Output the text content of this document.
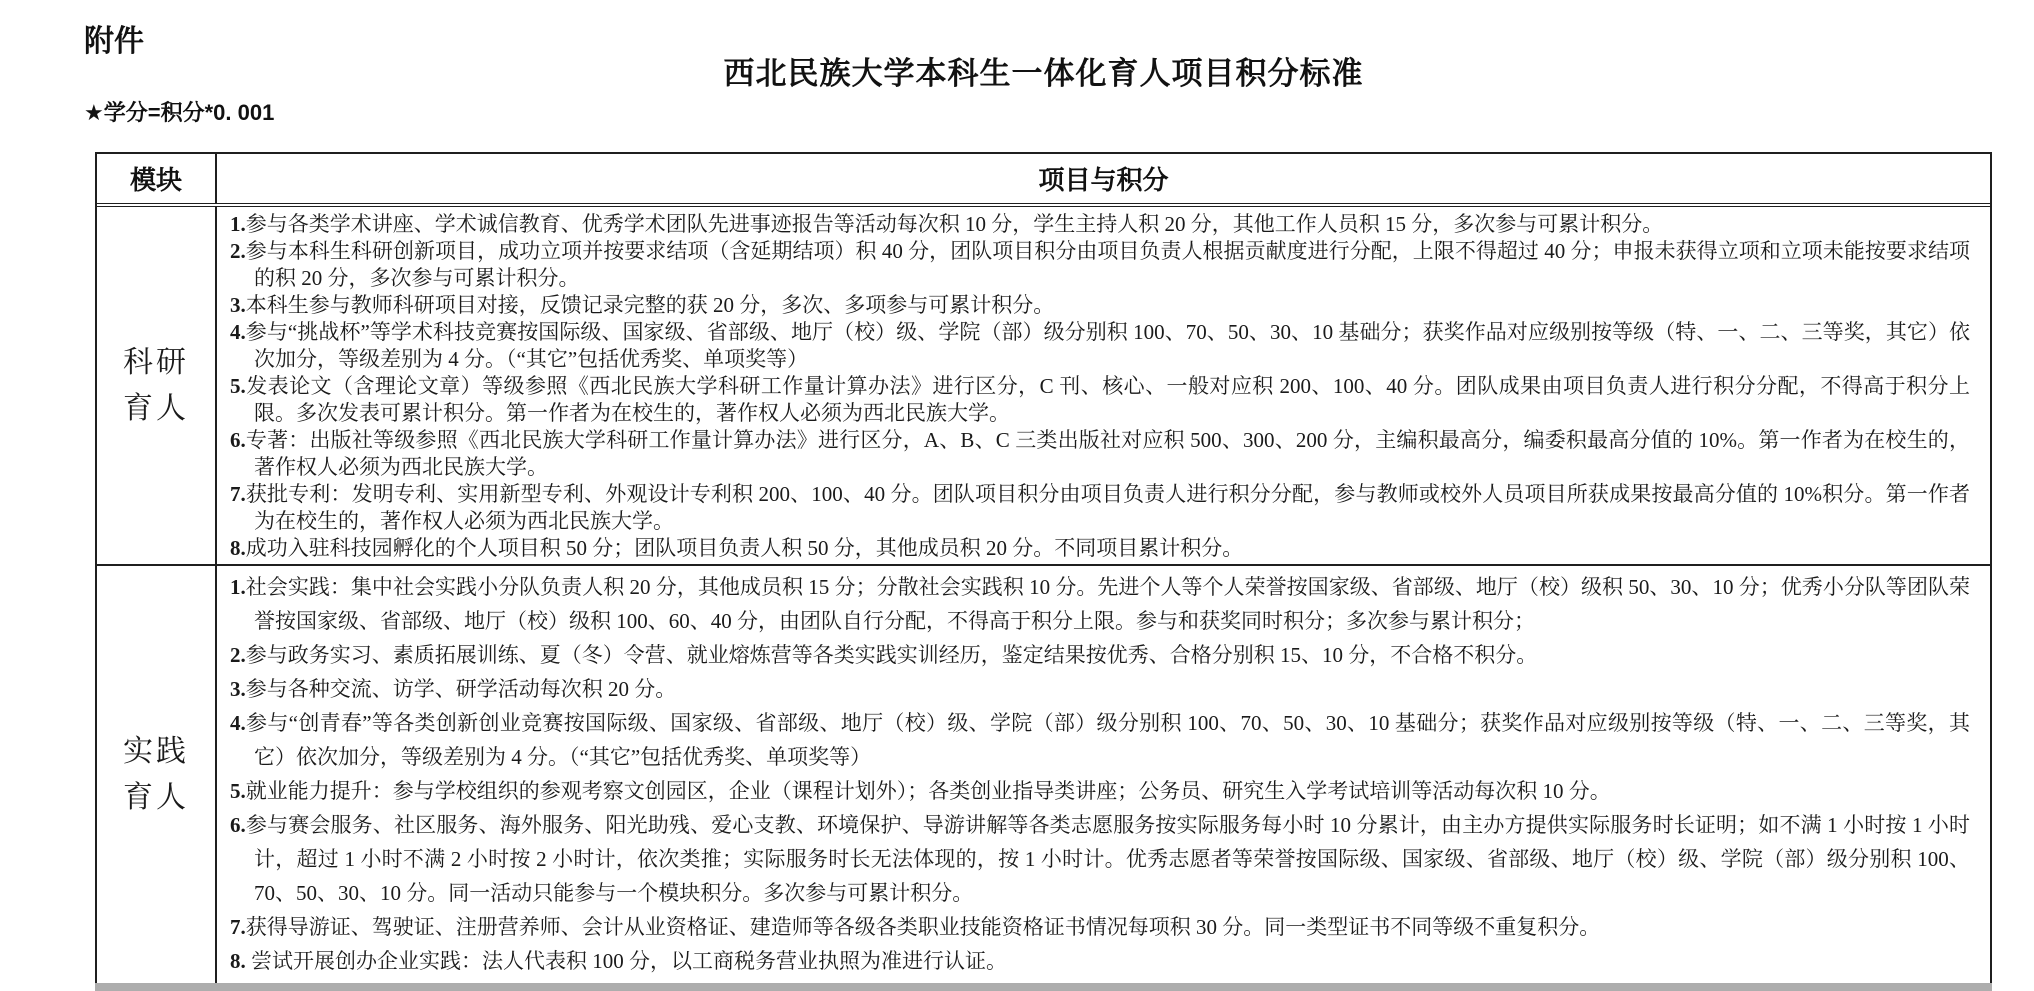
附件
西北民族大学本科生一体化育人项目积分标准
★学分=积分*0. 001
模块	项目与积分
科研
育人
1.参与各类学术讲座、学术诚信教育、优秀学术团队先进事迹报告等活动每次积 10 分，学生主持人积 20 分，其他工作人员积 15 分，多次参与可累计积分。
2.参与本科生科研创新项目，成功立项并按要求结项（含延期结项）积 40 分，团队项目积分由项目负责人根据贡献度进行分配，上限不得超过 40 分；申报未获得立项和立项未能按要求结项的积 20 分，多次参与可累计积分。
3.本科生参与教师科研项目对接，反馈记录完整的获 20 分，多次、多项参与可累计积分。
4.参与“挑战杯”等学术科技竞赛按国际级、国家级、省部级、地厅（校）级、学院（部）级分别积 100、70、50、30、10 基础分；获奖作品对应级别按等级（特、一、二、三等奖，其它）依次加分，等级差别为 4 分。（“其它”包括优秀奖、单项奖等）
5.发表论文（含理论文章）等级参照《西北民族大学科研工作量计算办法》进行区分，C 刊、核心、一般对应积 200、100、40 分。团队成果由项目负责人进行积分分配，不得高于积分上限。多次发表可累计积分。第一作者为在校生的，著作权人必须为西北民族大学。
6.专著：出版社等级参照《西北民族大学科研工作量计算办法》进行区分，A、B、C 三类出版社对应积 500、300、200 分，主编积最高分，编委积最高分值的 10%。第一作者为在校生的，著作权人必须为西北民族大学。
7.获批专利：发明专利、实用新型专利、外观设计专利积 200、100、40 分。团队项目积分由项目负责人进行积分分配，参与教师或校外人员项目所获成果按最高分值的 10%积分。第一作者为在校生的，著作权人必须为西北民族大学。
8.成功入驻科技园孵化的个人项目积 50 分；团队项目负责人积 50 分，其他成员积 20 分。不同项目累计积分。
实践
育人
1.社会实践：集中社会实践小分队负责人积 20 分，其他成员积 15 分；分散社会实践积 10 分。先进个人等个人荣誉按国家级、省部级、地厅（校）级积 50、30、10 分；优秀小分队等团队荣誉按国家级、省部级、地厅（校）级积 100、60、40 分，由团队自行分配，不得高于积分上限。参与和获奖同时积分；多次参与累计积分；
2.参与政务实习、素质拓展训练、夏（冬）令营、就业熔炼营等各类实践实训经历，鉴定结果按优秀、合格分别积 15、10 分，不合格不积分。
3.参与各种交流、访学、研学活动每次积 20 分。
4.参与“创青春”等各类创新创业竞赛按国际级、国家级、省部级、地厅（校）级、学院（部）级分别积 100、70、50、30、10 基础分；获奖作品对应级别按等级（特、一、二、三等奖，其它）依次加分，等级差别为 4 分。（“其它”包括优秀奖、单项奖等）
5.就业能力提升：参与学校组织的参观考察文创园区，企业（课程计划外）；各类创业指导类讲座；公务员、研究生入学考试培训等活动每次积 10 分。
6.参与赛会服务、社区服务、海外服务、阳光助残、爱心支教、环境保护、导游讲解等各类志愿服务按实际服务每小时 10 分累计，由主办方提供实际服务时长证明；如不满 1 小时按 1 小时计，超过 1 小时不满 2 小时按 2 小时计，依次类推；实际服务时长无法体现的，按 1 小时计。优秀志愿者等荣誉按国际级、国家级、省部级、地厅（校）级、学院（部）级分别积 100、70、50、30、10 分。同一活动只能参与一个模块积分。多次参与可累计积分。
7.获得导游证、驾驶证、注册营养师、会计从业资格证、建造师等各级各类职业技能资格证书情况每项积 30 分。同一类型证书不同等级不重复积分。
8. 尝试开展创办企业实践：法人代表积 100 分，以工商税务营业执照为准进行认证。
